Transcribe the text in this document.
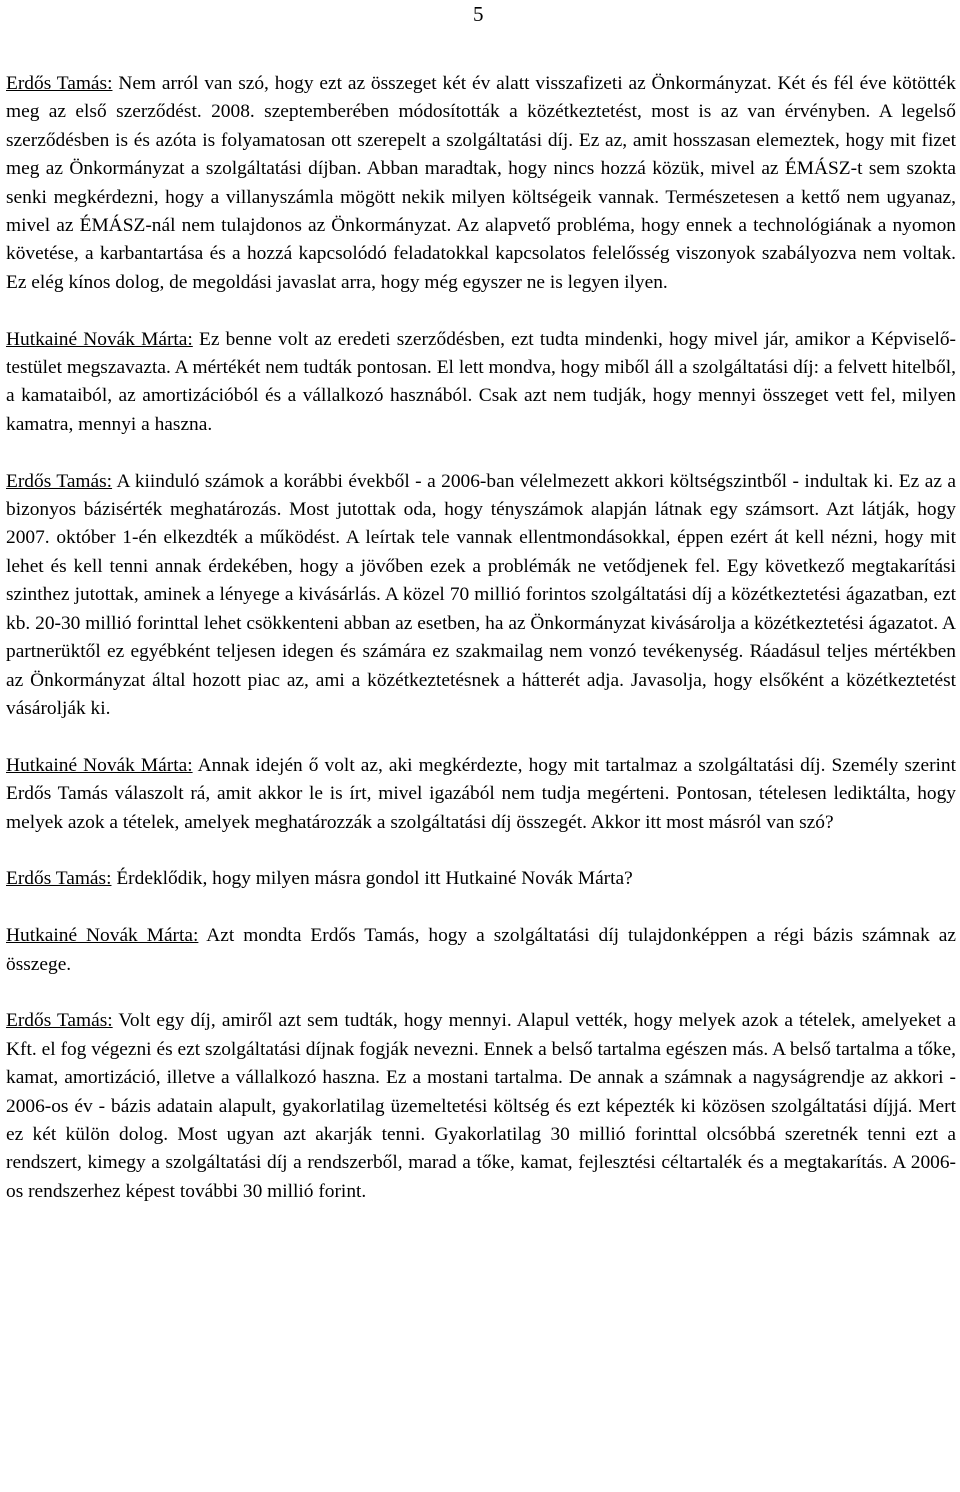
5

Erdős Tamás: Nem arról van szó, hogy ezt az összeget két év alatt visszafizeti az Önkormányzat. Két és fél éve kötötték meg az első szerződést. 2008. szeptemberében módosították a közétkeztetést, most is az van érvényben. A legelső szerződésben is és azóta is folyamatosan ott szerepelt a szolgáltatási díj. Ez az, amit hosszasan elemeztek, hogy mit fizet meg az Önkormányzat a szolgáltatási díjban. Abban maradtak, hogy nincs hozzá közük, mivel az ÉMÁSZ-t sem szokta senki megkérdezni, hogy a villanyszámla mögött nekik milyen költségeik vannak. Természetesen a kettő nem ugyanaz, mivel az ÉMÁSZ-nál nem tulajdonos az Önkormányzat. Az alapvető probléma, hogy ennek a technológiának a nyomon követése, a karbantartása és a hozzá kapcsolódó feladatokkal kapcsolatos felelősség viszonyok szabályozva nem voltak. Ez elég kínos dolog, de megoldási javaslat arra, hogy még egyszer ne is legyen ilyen.

Hutkainé Novák Márta: Ez benne volt az eredeti szerződésben, ezt tudta mindenki, hogy mivel jár, amikor a Képviselő-testület megszavazta. A mértékét nem tudták pontosan. El lett mondva, hogy miből áll a szolgáltatási díj: a felvett hitelből, a kamataiból, az amortizációból és a vállalkozó hasznából. Csak azt nem tudják, hogy mennyi összeget vett fel, milyen kamatra, mennyi a haszna.

Erdős Tamás: A kiinduló számok a korábbi évekből - a 2006-ban vélelmezett akkori költségszintből - indultak ki. Ez az a bizonyos bázisérték meghatározás. Most jutottak oda, hogy tényszámok alapján látnak egy számsort. Azt látják, hogy 2007. október 1-én elkezdték a működést. A leírtak tele vannak ellentmondásokkal, éppen ezért át kell nézni, hogy mit lehet és kell tenni annak érdekében, hogy a jövőben ezek a problémák ne vetődjenek fel. Egy következő megtakarítási szinthez jutottak, aminek a lényege a kivásárlás. A közel 70 millió forintos szolgáltatási díj a közétkeztetési ágazatban, ezt kb. 20-30 millió forinttal lehet csökkenteni abban az esetben, ha az Önkormányzat kivásárolja a közétkeztetési ágazatot. A partnerüktől ez egyébként teljesen idegen és számára ez szakmailag nem vonzó tevékenység. Ráadásul teljes mértékben az Önkormányzat által hozott piac az, ami a közétkeztetésnek a hátterét adja. Javasolja, hogy elsőként a közétkeztetést vásárolják ki.

Hutkainé Novák Márta: Annak idején ő volt az, aki megkérdezte, hogy mit tartalmaz a szolgáltatási díj. Személy szerint Erdős Tamás válaszolt rá, amit akkor le is írt, mivel igazából nem tudja megérteni. Pontosan, tételesen lediktálta, hogy melyek azok a tételek, amelyek meghatározzák a szolgáltatási díj összegét. Akkor itt most másról van szó?

Erdős Tamás: Érdeklődik, hogy milyen másra gondol itt Hutkainé Novák Márta?

Hutkainé Novák Márta: Azt mondta Erdős Tamás, hogy a szolgáltatási díj tulajdonképpen a régi bázis számnak az összege.

Erdős Tamás: Volt egy díj, amiről azt sem tudták, hogy mennyi. Alapul vették, hogy melyek azok a tételek, amelyeket a Kft. el fog végezni és ezt szolgáltatási díjnak fogják nevezni. Ennek a belső tartalma egészen más. A belső tartalma a tőke, kamat, amortizáció, illetve a vállalkozó haszna. Ez a mostani tartalma. De annak a számnak a nagyságrendje az akkori - 2006-os év - bázis adatain alapult, gyakorlatilag üzemeltetési költség és ezt képezték ki közösen szolgáltatási díjjá. Mert ez két külön dolog. Most ugyan azt akarják tenni. Gyakorlatilag 30 millió forinttal olcsóbbá szeretnék tenni ezt a rendszert, kimegy a szolgáltatási díj a rendszerből, marad a tőke, kamat, fejlesztési céltartalék és a megtakarítás. A 2006-os rendszerhez képest további 30 millió forint.
